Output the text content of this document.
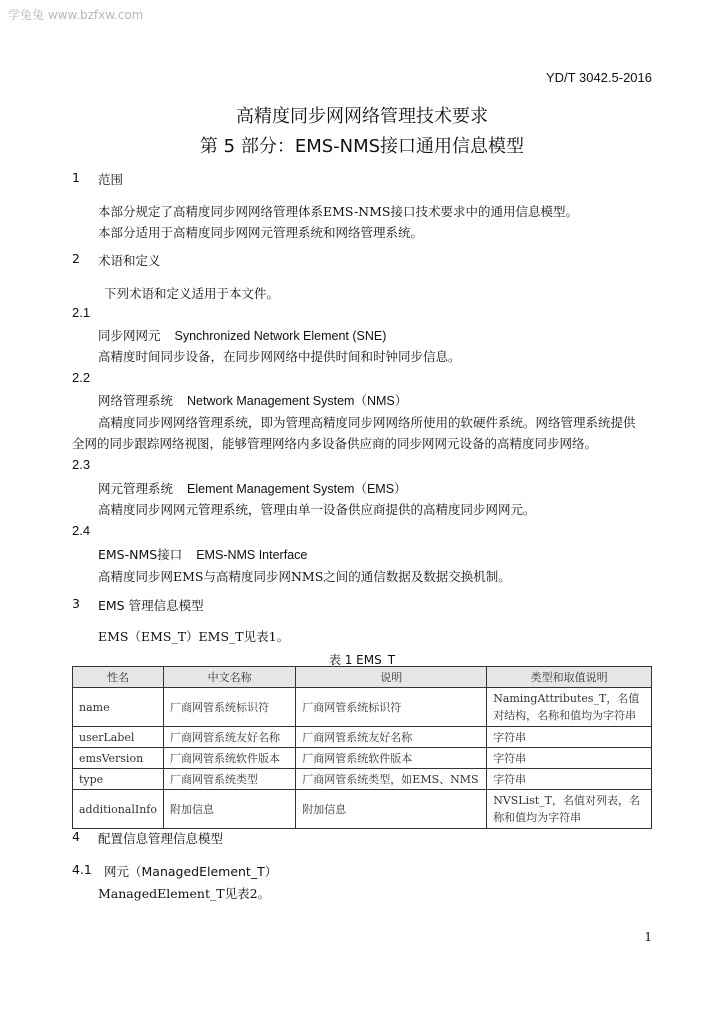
学兔兔 www.bzfxw.com
YD/T 3042.5-2016
高精度同步网网络管理技术要求
第 5 部分：EMS-NMS接口通用信息模型
1 范围
本部分规定了高精度同步网网络管理体系EMS-NMS接口技术要求中的通用信息模型。
本部分适用于高精度同步网网元管理系统和网络管理系统。
2 术语和定义
下列术语和定义适用于本文件。
2.1
同步网网元 Synchronized Network Element (SNE)
高精度时间同步设备，在同步网网络中提供时间和时钟同步信息。
2.2
网络管理系统 Network Management System（NMS）
高精度同步网网络管理系统，即为管理高精度同步网网络所使用的软硬件系统。网络管理系统提供
全网的同步跟踪网络视图，能够管理网络内多设备供应商的同步网网元设备的高精度同步网络。
2.3
网元管理系统 Element Management System（EMS）
高精度同步网网元管理系统，管理由单一设备供应商提供的高精度同步网网元。
2.4
EMS-NMS接口 EMS-NMS Interface
高精度同步网EMS与高精度同步网NMS之间的通信数据及数据交换机制。
3 EMS 管理信息模型
EMS（EMS_T）EMS_T见表1。
表 1 EMS_T
性名	中文名称	说明	类型和取值说明
name	厂商网管系统标识符	厂商网管系统标识符	NamingAttributes_T，名值对结构，名称和值均为字符串
userLabel	厂商网管系统友好名称	厂商网管系统友好名称	字符串
emsVersion	厂商网管系统软件版本	厂商网管系统软件版本	字符串
type	厂商网管系统类型	厂商网管系统类型，如EMS、NMS	字符串
additionalInfo	附加信息	附加信息	NVSList_T，名值对列表，名称和值均为字符串
4 配置信息管理信息模型
4.1 网元（ManagedElement_T）
ManagedElement_T见表2。
1
